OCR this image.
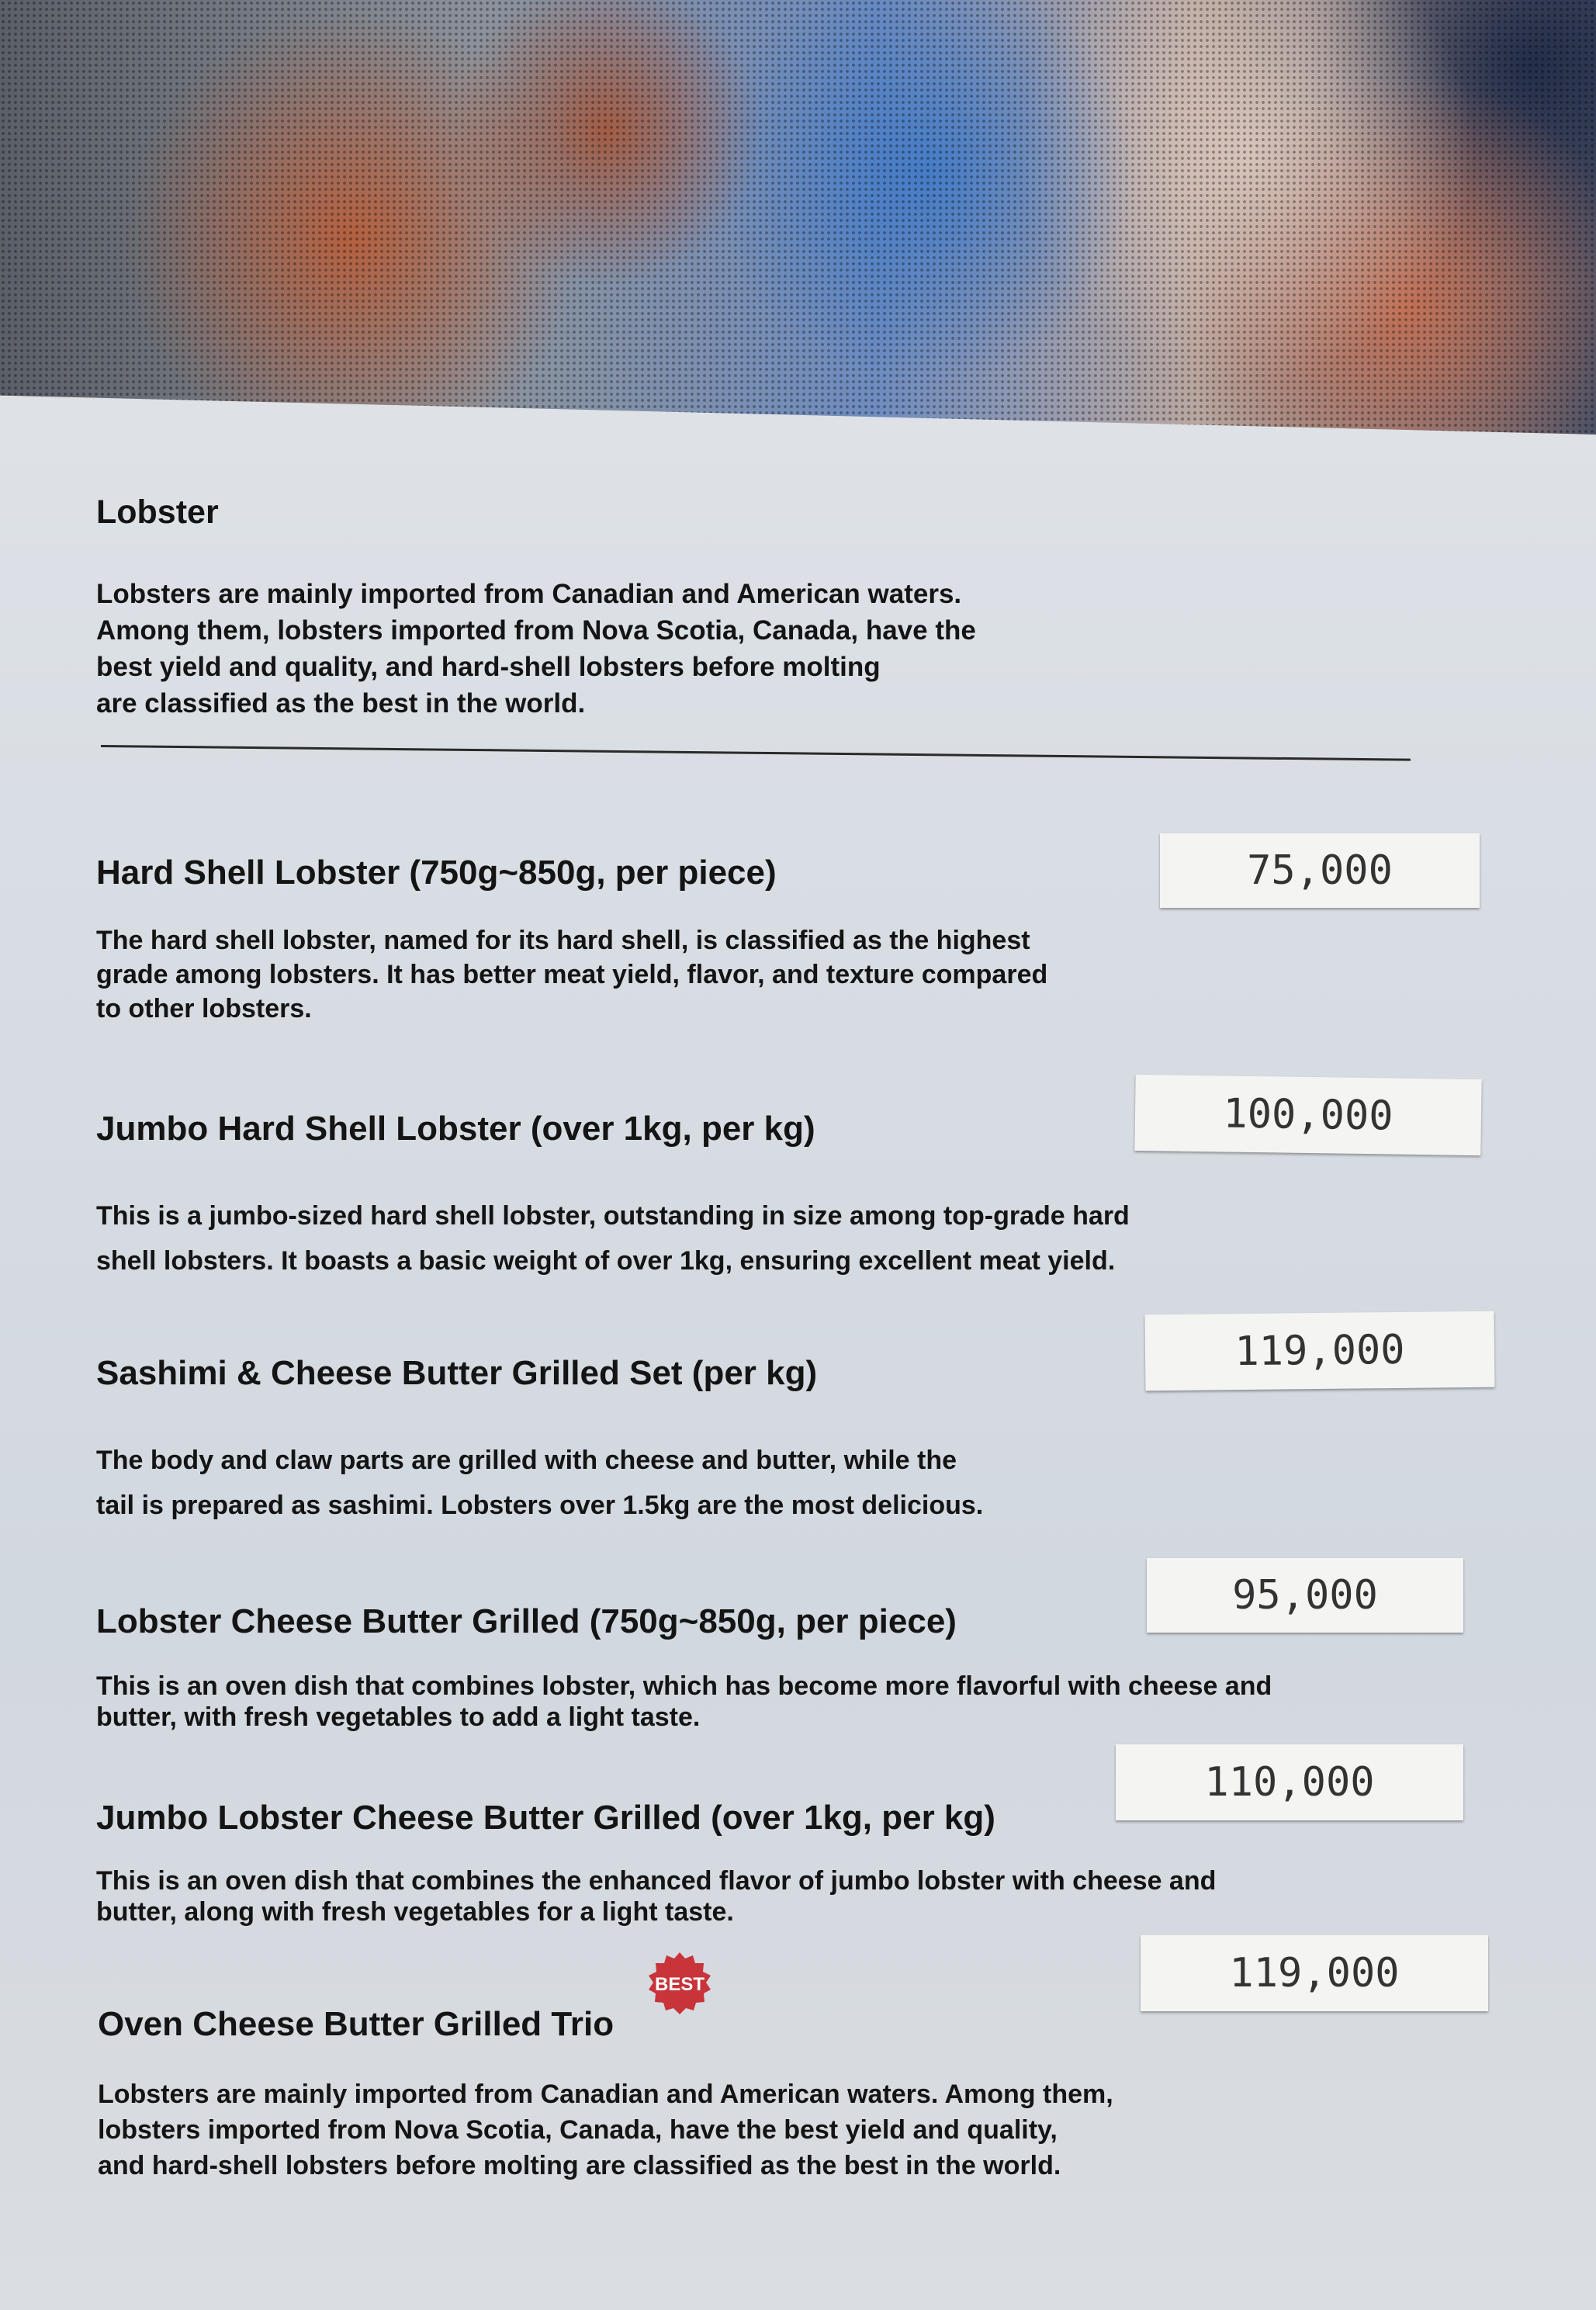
Lobster
Lobsters are mainly imported from Canadian and American waters.
Among them, lobsters imported from Nova Scotia, Canada, have the
best yield and quality, and hard-shell lobsters before molting
are classified as the best in the world.
Hard Shell Lobster (750g~850g, per piece)
The hard shell lobster, named for its hard shell, is classified as the highest
grade among lobsters. It has better meat yield, flavor, and texture compared
to other lobsters.
75,000
Jumbo Hard Shell Lobster (over 1kg, per kg)
This is a jumbo-sized hard shell lobster, outstanding in size among top-grade hard
shell lobsters. It boasts a basic weight of over 1kg, ensuring excellent meat yield.
100,000
Sashimi & Cheese Butter Grilled Set (per kg)
The body and claw parts are grilled with cheese and butter, while the
tail is prepared as sashimi. Lobsters over 1.5kg are the most delicious.
119,000
Lobster Cheese Butter Grilled (750g~850g, per piece)
This is an oven dish that combines lobster, which has become more flavorful with cheese and
butter, with fresh vegetables to add a light taste.
95,000
Jumbo Lobster Cheese Butter Grilled (over 1kg, per kg)
This is an oven dish that combines the enhanced flavor of jumbo lobster with cheese and
butter, along with fresh vegetables for a light taste.
110,000
Oven Cheese Butter Grilled Trio
Lobsters are mainly imported from Canadian and American waters. Among them,
lobsters imported from Nova Scotia, Canada, have the best yield and quality,
and hard-shell lobsters before molting are classified as the best in the world.
BEST	119,000
